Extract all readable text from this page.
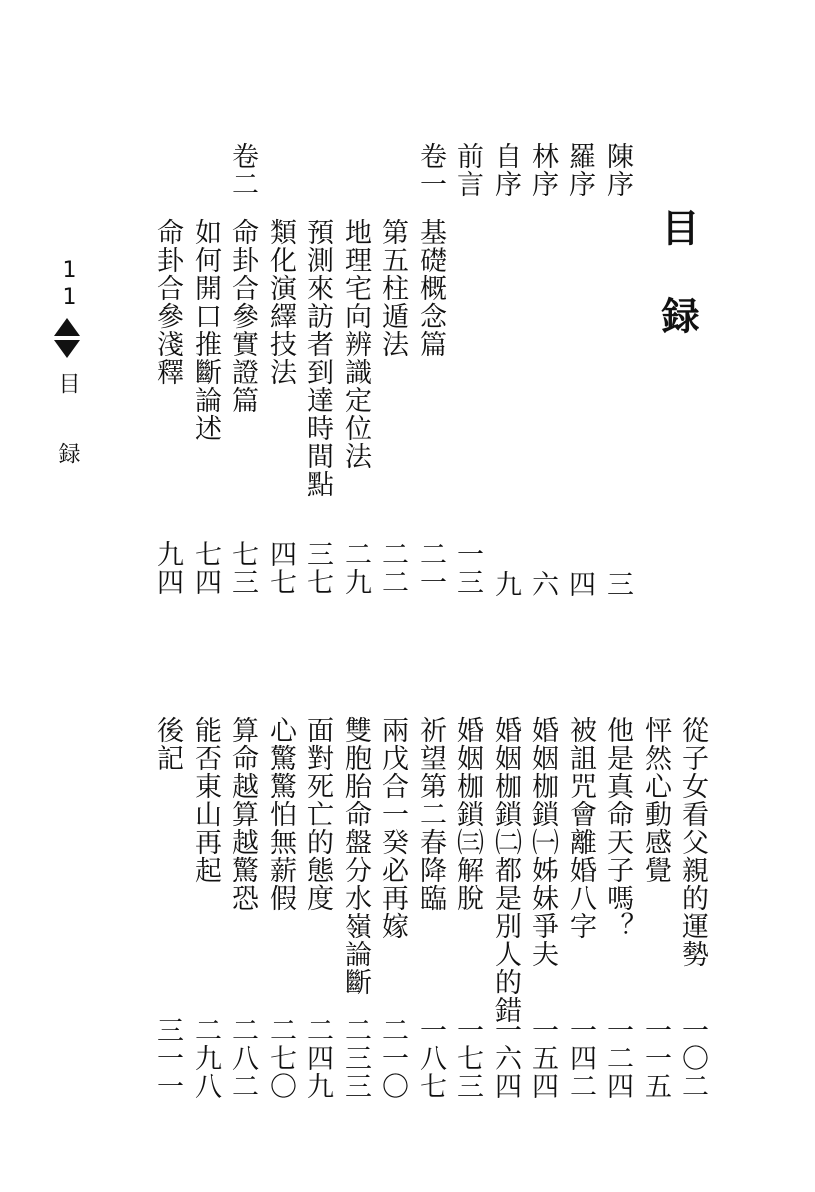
目録
陳序
三
羅序
四
林序
六
自序
九
前言
一三
卷一
基礎概念篇
二一
第五柱遁法
二二
地理宅向辨識定位法
二九
預測來訪者到達時間點
三七
類化演繹技法
四七
卷二
命卦合參實證篇
七三
如何開口推斷論述
七四
命卦合參淺釋
九四
從子女看父親的運勢
一〇二
怦然心動感覺
一一五
他是真命天子嗎？
一二四
被詛咒會離婚八字
一四二
婚姻枷鎖㈠姊妹爭夫
一五四
婚姻枷鎖㈡都是別人的錯
一六四
婚姻枷鎖㈢解脫
一七三
祈望第二春降臨
一八七
兩戊合一癸必再嫁
二一〇
雙胞胎命盤分水嶺論斷
二三三
面對死亡的態度
二四九
心驚驚怕無薪假
二七〇
算命越算越驚恐
二八二
能否東山再起
二九八
後記
三一一
11
目録
